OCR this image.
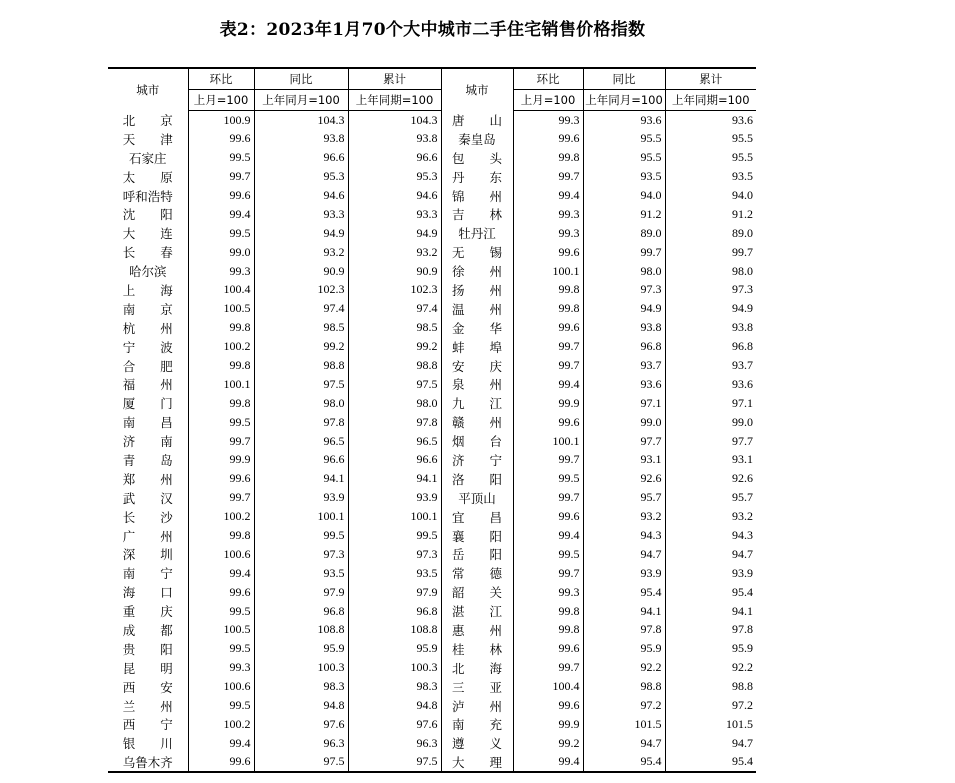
表2：2023年1月70个大中城市二手住宅销售价格指数
城市	环比	同比	累计	城市	环比	同比	累计
	上月=100	上年同月=100	上年同期=100		上月=100	上年同月=100	上年同期=100
北　　京	100.9	104.3	104.3	唐　　山	99.3	93.6	93.6
天　　津	99.6	93.8	93.8	秦皇岛	99.6	95.5	95.5
石家庄	99.5	96.6	96.6	包　　头	99.8	95.5	95.5
太　　原	99.7	95.3	95.3	丹　　东	99.7	93.5	93.5
呼和浩特	99.6	94.6	94.6	锦　　州	99.4	94.0	94.0
沈　　阳	99.4	93.3	93.3	吉　　林	99.3	91.2	91.2
大　　连	99.5	94.9	94.9	牡丹江	99.3	89.0	89.0
长　　春	99.0	93.2	93.2	无　　锡	99.6	99.7	99.7
哈尔滨	99.3	90.9	90.9	徐　　州	100.1	98.0	98.0
上　　海	100.4	102.3	102.3	扬　　州	99.8	97.3	97.3
南　　京	100.5	97.4	97.4	温　　州	99.8	94.9	94.9
杭　　州	99.8	98.5	98.5	金　　华	99.6	93.8	93.8
宁　　波	100.2	99.2	99.2	蚌　　埠	99.7	96.8	96.8
合　　肥	99.8	98.8	98.8	安　　庆	99.7	93.7	93.7
福　　州	100.1	97.5	97.5	泉　　州	99.4	93.6	93.6
厦　　门	99.8	98.0	98.0	九　　江	99.9	97.1	97.1
南　　昌	99.5	97.8	97.8	赣　　州	99.6	99.0	99.0
济　　南	99.7	96.5	96.5	烟　　台	100.1	97.7	97.7
青　　岛	99.9	96.6	96.6	济　　宁	99.7	93.1	93.1
郑　　州	99.6	94.1	94.1	洛　　阳	99.5	92.6	92.6
武　　汉	99.7	93.9	93.9	平顶山	99.7	95.7	95.7
长　　沙	100.2	100.1	100.1	宜　　昌	99.6	93.2	93.2
广　　州	99.8	99.5	99.5	襄　　阳	99.4	94.3	94.3
深　　圳	100.6	97.3	97.3	岳　　阳	99.5	94.7	94.7
南　　宁	99.4	93.5	93.5	常　　德	99.7	93.9	93.9
海　　口	99.6	97.9	97.9	韶　　关	99.3	95.4	95.4
重　　庆	99.5	96.8	96.8	湛　　江	99.8	94.1	94.1
成　　都	100.5	108.8	108.8	惠　　州	99.8	97.8	97.8
贵　　阳	99.5	95.9	95.9	桂　　林	99.6	95.9	95.9
昆　　明	99.3	100.3	100.3	北　　海	99.7	92.2	92.2
西　　安	100.6	98.3	98.3	三　　亚	100.4	98.8	98.8
兰　　州	99.5	94.8	94.8	泸　　州	99.6	97.2	97.2
西　　宁	100.2	97.6	97.6	南　　充	99.9	101.5	101.5
银　　川	99.4	96.3	96.3	遵　　义	99.2	94.7	94.7
乌鲁木齐	99.6	97.5	97.5	大　　理	99.4	95.4	95.4
